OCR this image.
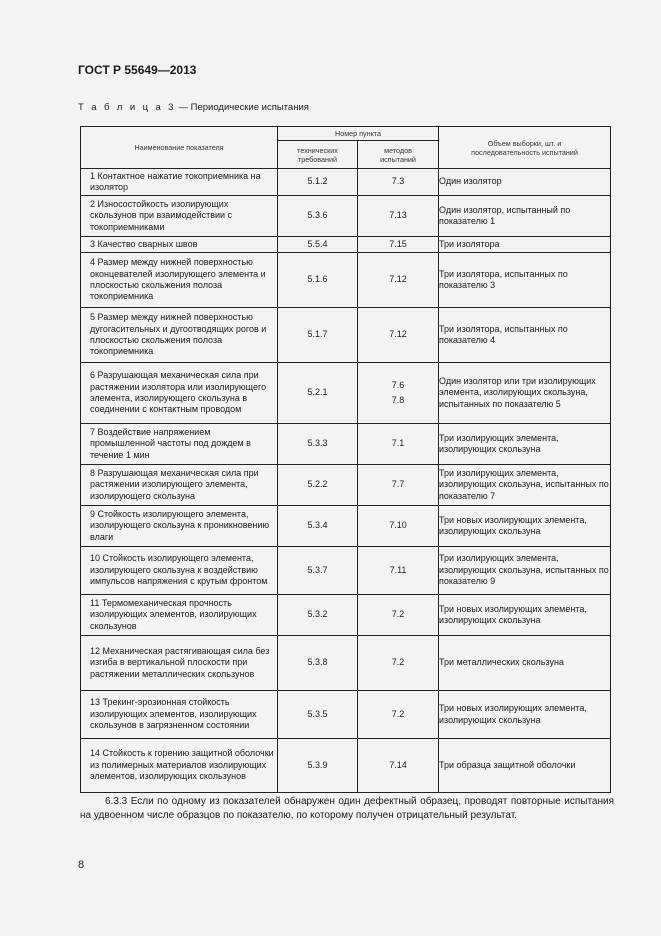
ГОСТ Р 55649—2013
Т а б л и ц а 3 — Периодические испытания
Наименование показателя	Номер пункта		Объем выборки, шт. и последовательность испытаний
	технических требований	методов испытаний	

1 Контактное нажатие токоприемника на изолятор	5.1.2	7.3	Один изолятор

2 Износостойкость изолирующих скользунов при взаимодействии с токоприемниками	5.3.6	7.13	Один изолятор, испытанный по показателю 1

3 Качество сварных швов	5.5.4	7.15	Три изолятора

4 Размер между нижней поверхностью оконцевателей изолирующего элемента и плоскостью скольжения полоза токоприемника	5.1.6	7.12	Три изолятора, испытанных по показателю 3

5 Размер между нижней поверхностью дугогасительных и дугоотводящих рогов и плоскостью скольжения полоза токоприемника	5.1.7	7.12	Три изолятора, испытанных по показателю 4

6 Разрушающая механическая сила при растяжении изолятора или изолирующего элемента, изолирующего скользуна в соединении с контактным проводом	5.2.1	7.6
7.8	Один изолятор или три изолирующих элемента, изолирующих скользуна, испытанных по показателю 5

7 Воздействие напряжением промышленной частоты под дождем в течение 1 мин	5.3.3	7.1	Три изолирующих элемента, изолирующих скользуна

8 Разрушающая механическая сила при растяжении изолирующего элемента, изолирующего скользуна	5.2.2	7.7	Три изолирующих элемента, изолирующих скользуна, испытанных по показателю 7

9 Стойкость изолирующего элемента, изолирующего скользуна к проникновению влаги	5.3.4	7.10	Три новых изолирующих элемента, изолирующих скользуна

10 Стойкость изолирующего элемента, изолирующего скользуна к воздействию импульсов напряжения с крутым фронтом	5.3.7	7.11	Три изолирующих элемента, изолирующих скользуна, испытанных по показателю 9

11 Термомеханическая прочность изолирующих элементов, изолирующих скользунов	5.3.2	7.2	Три новых изолирующих элемента, изолирующих скользуна

12 Механическая растягивающая сила без изгиба в вертикальной плоскости при растяжении металлических скользунов	5.3.8	7.2	Три металлических скользуна

13 Трекинг-эрозионная стойкость изолирующих элементов, изолирующих скользунов в загрязненном состоянии	5.3.5	7.2	Три новых изолирующих элемента, изолирующих скользуна

14 Стойкость к горению защитной оболочки из полимерных материалов изолирующих элементов, изолирующих скользунов	5.3.9	7.14	Три образца защитной оболочки
6.3.3 Если по одному из показателей обнаружен один дефектный образец, проводят повторные испытания на удвоенном числе образцов по показателю, по которому получен отрицательный результат.
8
